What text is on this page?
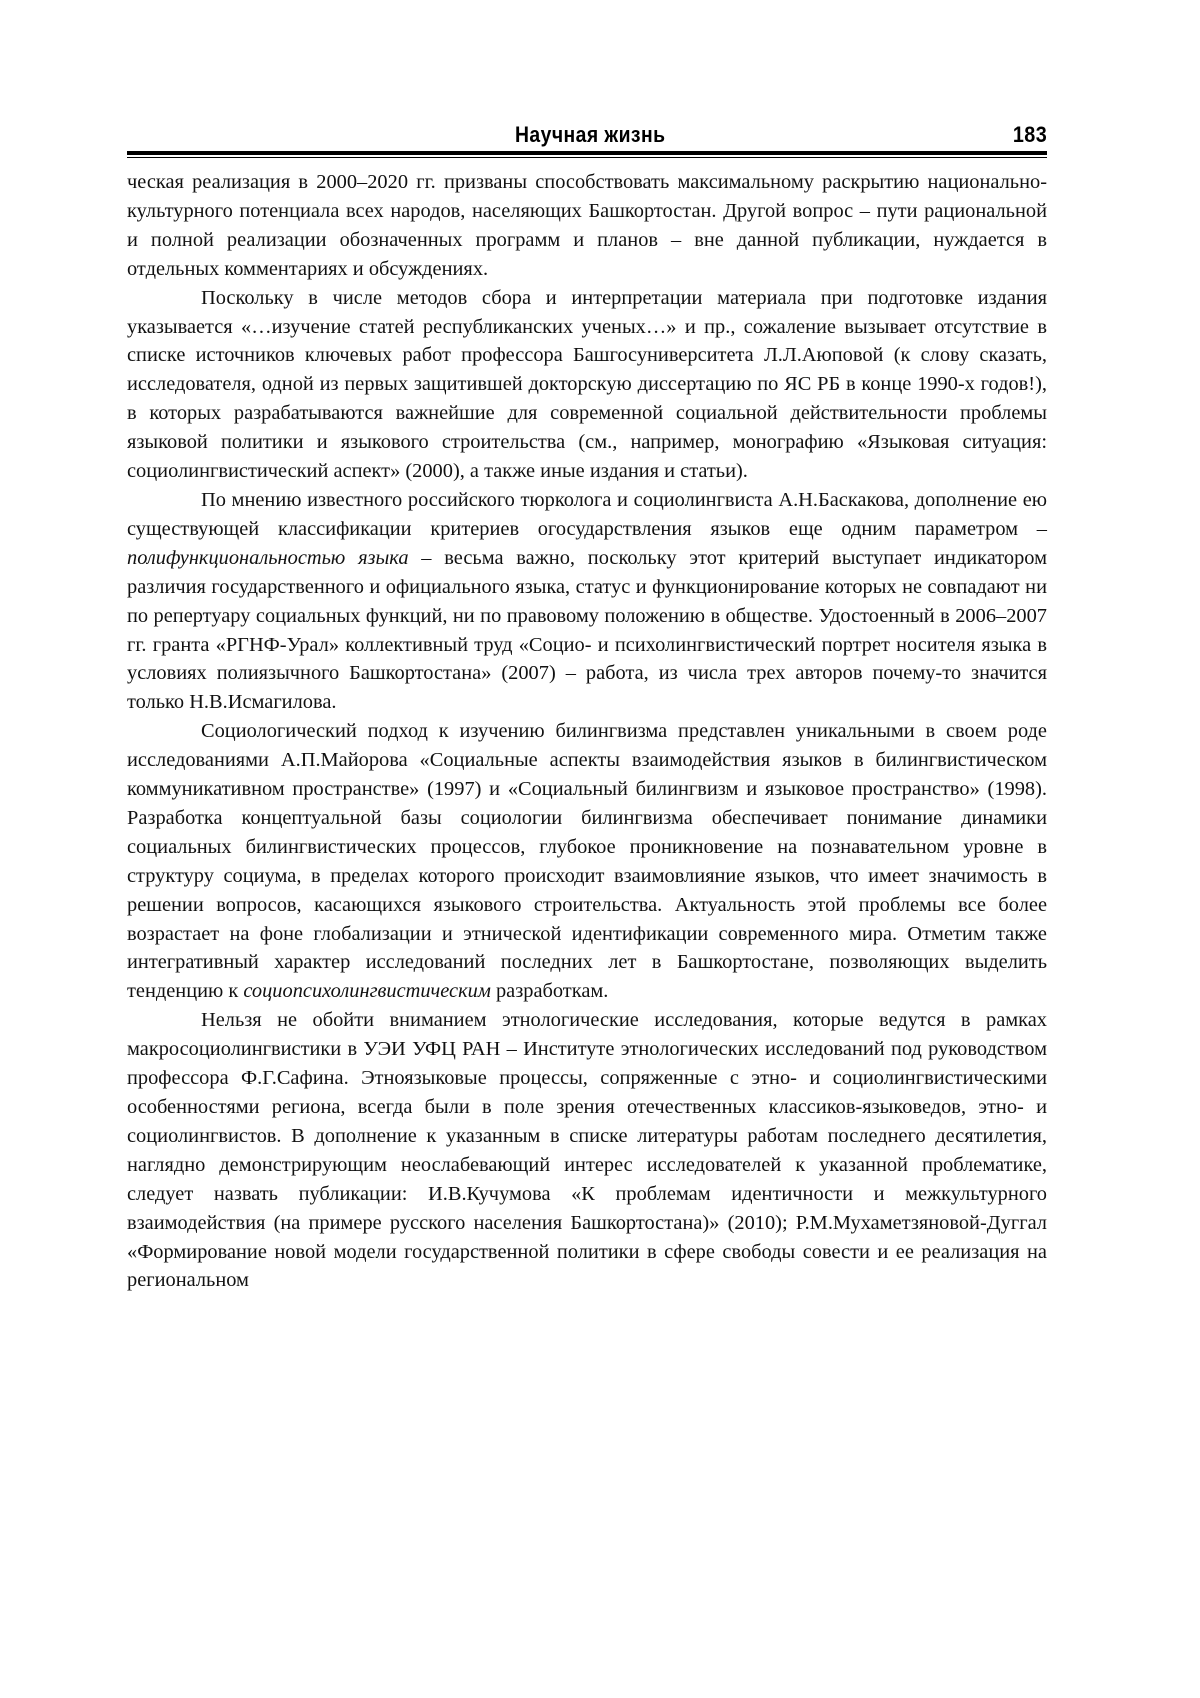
Научная жизнь	183

ческая реализация в 2000–2020 гг. призваны способствовать максимальному раскрытию национально-культурного потенциала всех народов, населяющих Башкортостан. Другой вопрос – пути рациональной и полной реализации обозначенных программ и планов – вне данной публикации, нуждается в отдельных комментариях и обсуждениях.

Поскольку в числе методов сбора и интерпретации материала при подготовке издания указывается «…изучение статей республиканских ученых…» и пр., сожаление вызывает отсутствие в списке источников ключевых работ профессора Башгосуниверситета Л.Л.Аюповой (к слову сказать, исследователя, одной из первых защитившей докторскую диссертацию по ЯС РБ в конце 1990-х годов!), в которых разрабатываются важнейшие для современной социальной действительности проблемы языковой политики и языкового строительства (см., например, монографию «Языковая ситуация: социолингвистический аспект» (2000), а также иные издания и статьи).

По мнению известного российского тюрколога и социолингвиста А.Н.Баскакова, дополнение ею существующей классификации критериев огосударствления языков еще одним параметром – полифункциональностью языка – весьма важно, поскольку этот критерий выступает индикатором различия государственного и официального языка, статус и функционирование которых не совпадают ни по репертуару социальных функций, ни по правовому положению в обществе. Удостоенный в 2006–2007 гг. гранта «РГНФ-Урал» коллективный труд «Социо- и психолингвистический портрет носителя языка в условиях полиязычного Башкортостана» (2007) – работа, из числа трех авторов почему-то значится только Н.В.Исмагилова.

Социологический подход к изучению билингвизма представлен уникальными в своем роде исследованиями А.П.Майорова «Социальные аспекты взаимодействия языков в билингвистическом коммуникативном пространстве» (1997) и «Социальный билингвизм и языковое пространство» (1998). Разработка концептуальной базы социологии билингвизма обеспечивает понимание динамики социальных билингвистических процессов, глубокое проникновение на познавательном уровне в структуру социума, в пределах которого происходит взаимовлияние языков, что имеет значимость в решении вопросов, касающихся языкового строительства. Актуальность этой проблемы все более возрастает на фоне глобализации и этнической идентификации современного мира. Отметим также интегративный характер исследований последних лет в Башкортостане, позволяющих выделить тенденцию к социопсихолингвистическим разработкам.

Нельзя не обойти вниманием этнологические исследования, которые ведутся в рамках макросоциолингвистики в УЭИ УФЦ РАН – Институте этнологических исследований под руководством профессора Ф.Г.Сафина. Этноязыковые процессы, сопряженные с этно- и социолингвистическими особенностями региона, всегда были в поле зрения отечественных классиков-языковедов, этно- и социолингвистов. В дополнение к указанным в списке литературы работам последнего десятилетия, наглядно демонстрирующим неослабевающий интерес исследователей к указанной проблематике, следует назвать публикации: И.В.Кучумова «К проблемам идентичности и межкультурного взаимодействия (на примере русского населения Башкортостана)» (2010); Р.М.Мухаметзяновой-Дуггал «Формирование новой модели государственной политики в сфере свободы совести и ее реализация на региональном
